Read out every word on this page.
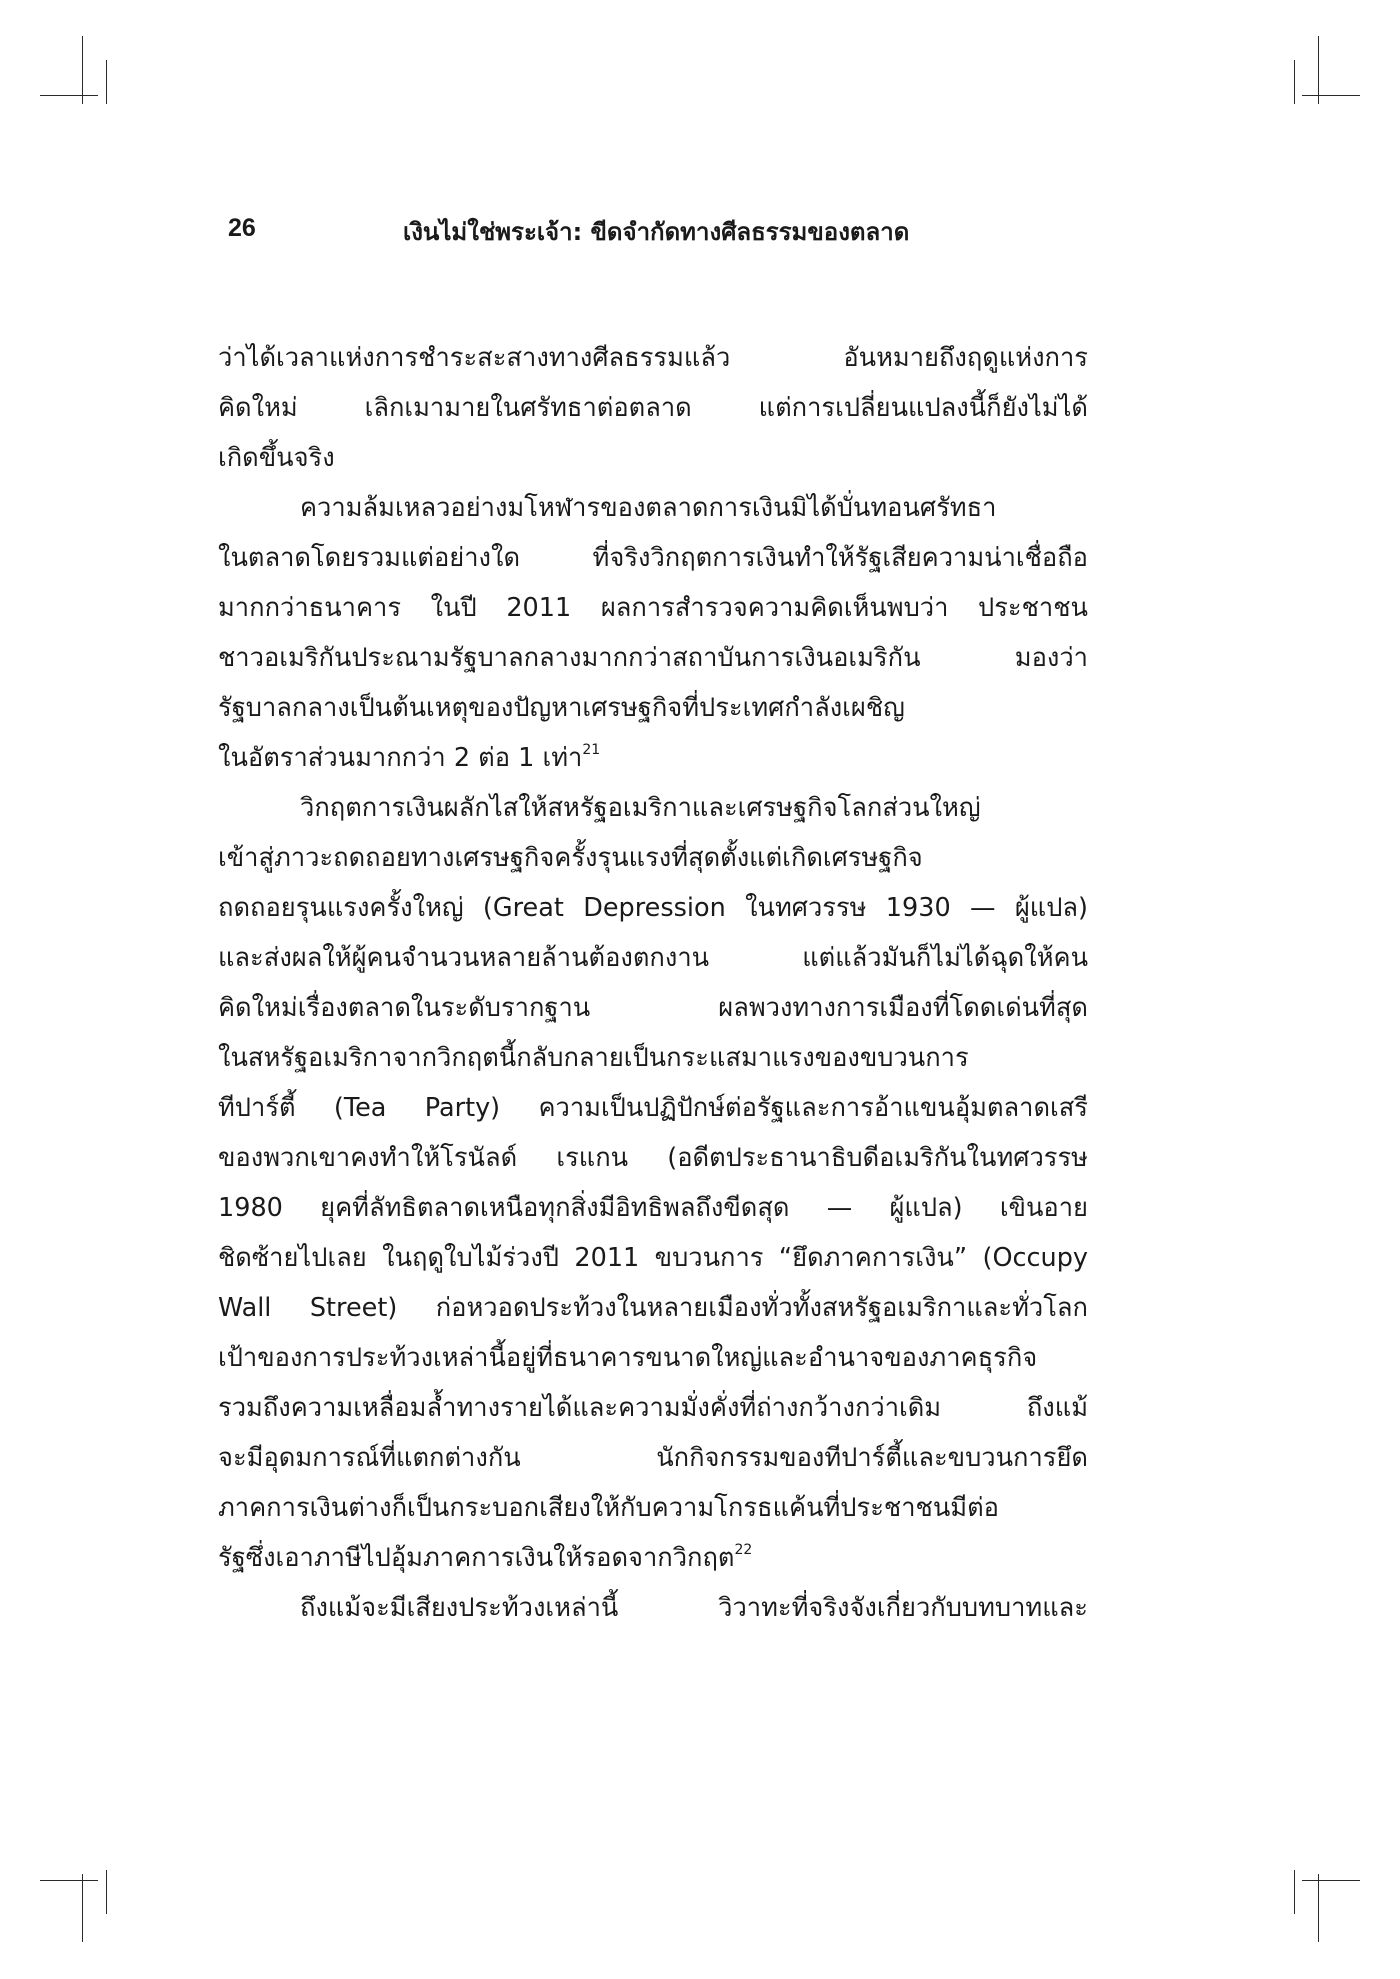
26	เงินไม่ใช่พระเจ้า: ขีดจำกัดทางศีลธรรมของตลาด
ว่าได้เวลาแห่งการชำระสะสางทางศีลธรรมแล้ว อันหมายถึงฤดูแห่งการ
คิดใหม่ เลิกเมามายในศรัทธาต่อตลาด แต่การเปลี่ยนแปลงนี้ก็ยังไม่ได้
เกิดขึ้นจริง
ความล้มเหลวอย่างมโหฬารของตลาดการเงินมิได้บั่นทอนศรัทธา
ในตลาดโดยรวมแต่อย่างใด ที่จริงวิกฤตการเงินทำให้รัฐเสียความน่าเชื่อถือ
มากกว่าธนาคาร ในปี 2011 ผลการสำรวจความคิดเห็นพบว่า ประชาชน
ชาวอเมริกันประณามรัฐบาลกลางมากกว่าสถาบันการเงินอเมริกัน มองว่า
รัฐบาลกลางเป็นต้นเหตุของปัญหาเศรษฐกิจที่ประเทศกำลังเผชิญ
ในอัตราส่วนมากกว่า 2 ต่อ 1 เท่า$^{21}$
วิกฤตการเงินผลักไสให้สหรัฐอเมริกาและเศรษฐกิจโลกส่วนใหญ่
เข้าสู่ภาวะถดถอยทางเศรษฐกิจครั้งรุนแรงที่สุดตั้งแต่เกิดเศรษฐกิจ
ถดถอยรุนแรงครั้งใหญ่ (Great Depression ในทศวรรษ 1930 — ผู้แปล)
และส่งผลให้ผู้คนจำนวนหลายล้านต้องตกงาน แต่แล้วมันก็ไม่ได้ฉุดให้คน
คิดใหม่เรื่องตลาดในระดับรากฐาน ผลพวงทางการเมืองที่โดดเด่นที่สุด
ในสหรัฐอเมริกาจากวิกฤตนี้กลับกลายเป็นกระแสมาแรงของขบวนการ
ทีปาร์ตี้ (Tea Party) ความเป็นปฏิปักษ์ต่อรัฐและการอ้าแขนอุ้มตลาดเสรี
ของพวกเขาคงทำให้โรนัลด์ เรแกน (อดีตประธานาธิบดีอเมริกันในทศวรรษ
1980 ยุคที่ลัทธิตลาดเหนือทุกสิ่งมีอิทธิพลถึงขีดสุด — ผู้แปล) เขินอาย
ชิดซ้ายไปเลย ในฤดูใบไม้ร่วงปี 2011 ขบวนการ “ยึดภาคการเงิน” (Occupy
Wall Street) ก่อหวอดประท้วงในหลายเมืองทั่วทั้งสหรัฐอเมริกาและทั่วโลก
เป้าของการประท้วงเหล่านี้อยู่ที่ธนาคารขนาดใหญ่และอำนาจของภาคธุรกิจ
รวมถึงความเหลื่อมล้ำทางรายได้และความมั่งคั่งที่ถ่างกว้างกว่าเดิม ถึงแม้
จะมีอุดมการณ์ที่แตกต่างกัน นักกิจกรรมของทีปาร์ตี้และขบวนการยึด
ภาคการเงินต่างก็เป็นกระบอกเสียงให้กับความโกรธแค้นที่ประชาชนมีต่อ
รัฐซึ่งเอาภาษีไปอุ้มภาคการเงินให้รอดจากวิกฤต$^{22}$
ถึงแม้จะมีเสียงประท้วงเหล่านี้ วิวาทะที่จริงจังเกี่ยวกับบทบาทและ
